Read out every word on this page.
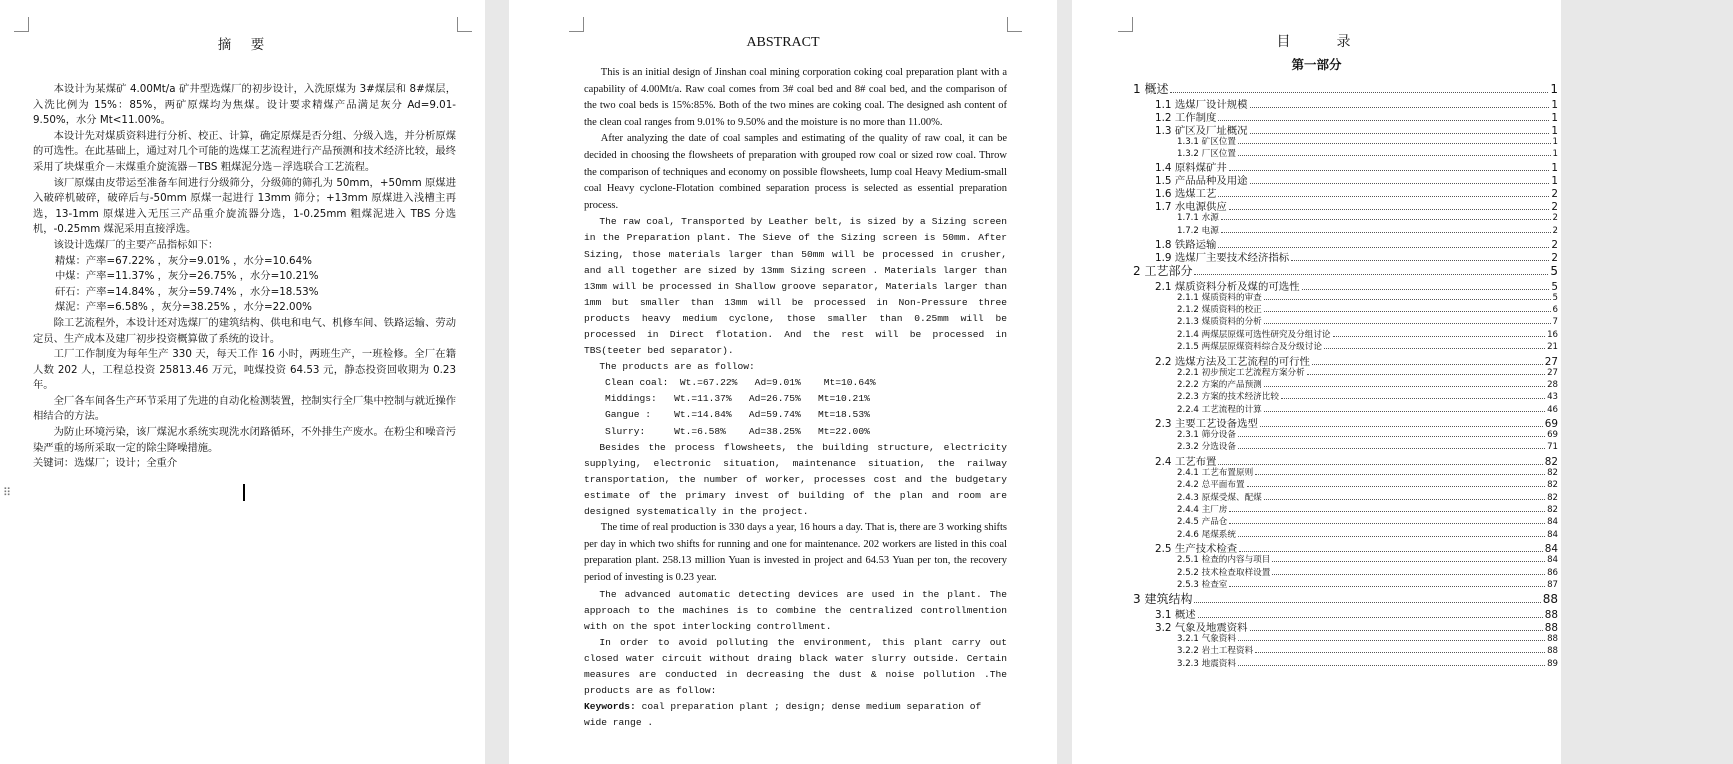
摘　要

本设计为某煤矿 4.00Mt/a 矿井型选煤厂的初步设计，入洗原煤为 3#煤层和 8#煤层，入洗比例为 15%：85%，两矿原煤均为焦煤。设计要求精煤产品满足灰分 Ad=9.01-9.50%，水分 Mt<11.00%。

本设计先对煤质资料进行分析、校正、计算，确定原煤是否分组、分级入选，并分析原煤的可选性。在此基础上，通过对几个可能的选煤工艺流程进行产品预测和技术经济比较，最终采用了块煤重介－末煤重介旋流器－TBS 粗煤泥分选－浮选联合工艺流程。

该厂原煤由皮带运至准备车间进行分级筛分，分级筛的筛孔为 50mm，+50mm 原煤进入破碎机破碎，破碎后与-50mm 原煤一起进行 13mm 筛分；+13mm 原煤进入浅槽主再选，13-1mm 原煤进入无压三产品重介旋流器分选，1-0.25mm 粗煤泥进入 TBS 分选机，-0.25mm 煤泥采用直接浮选。

该设计选煤厂的主要产品指标如下：

精煤：产率=67.22% ，灰分=9.01% ，水分=10.64%

中煤：产率=11.37% ，灰分=26.75% ，水分=10.21%

矸石：产率=14.84% ，灰分=59.74% ，水分=18.53%

煤泥：产率=6.58% ，灰分=38.25% ，水分=22.00%

除工艺流程外，本设计还对选煤厂的建筑结构、供电和电气、机修车间、铁路运输、劳动定员、生产成本及建厂初步投资概算做了系统的设计。

工厂工作制度为每年生产 330 天，每天工作 16 小时，两班生产，一班检修。全厂在籍人数 202 人，工程总投资 25813.46 万元，吨煤投资 64.53 元，静态投资回收期为 0.23 年。

全厂各车间各生产环节采用了先进的自动化检测装置，控制实行全厂集中控制与就近操作相结合的方法。

为防止环境污染，该厂煤泥水系统实现洗水闭路循环，不外排生产废水。在粉尘和噪音污染严重的场所采取一定的除尘降噪措施。

关键词：选煤厂；设计；全重介

⠿
ABSTRACT

This is an initial design of Jinshan coal mining corporation coking coal preparation plant with a capability of 4.00Mt/a. Raw coal comes from 3# coal bed and 8# coal bed, and the comparison of the two coal beds is 15%:85%. Both of the two mines are coking coal. The designed ash content of the clean coal ranges from 9.01% to 9.50% and the moisture is no more than 11.00%.

After analyzing the date of coal samples and estimating of the quality of raw coal, it can be decided in choosing the flowsheets of preparation with grouped row coal or sized row coal. Throw the comparison of techniques and economy on possible flowsheets, lump coal Heavy Medium-small coal Heavy cyclone-Flotation combined separation process is selected as essential preparation process.

The raw coal, Transported by Leather belt, is sized by a Sizing screen in the Preparation plant. The Sieve of the Sizing screen is 50mm. After Sizing, those materials larger than 50mm will be processed in crusher, and all together are sized by 13mm Sizing screen . Materials larger than 13mm will be processed in Shallow groove separator, Materials larger than 1mm but smaller than 13mm will be processed in Non-Pressure three products heavy medium cyclone, those smaller than 0.25mm will be processed in Direct flotation. And the rest will be processed in TBS(teeter bed separator).

The products are as follow:

Clean coal:  Wt.=67.22%   Ad=9.01%    Mt=10.64%

Middings:   Wt.=11.37%   Ad=26.75%   Mt=10.21%

Gangue :    Wt.=14.84%   Ad=59.74%   Mt=18.53%

Slurry:     Wt.=6.58%    Ad=38.25%   Mt=22.00%

Besides the process flowsheets, the building structure, electricity supplying, electronic situation, maintenance situation, the railway transportation, the number of worker, processes cost and the budgetary estimate of the primary invest of building of the plan and room are designed systematically in the project.

The time of real production is 330 days a year, 16 hours a day. That is, there are 3 working shifts per day in which two shifts for running and one for maintenance. 202 workers are listed in this coal preparation plant. 258.13 million Yuan is invested in project and 64.53 Yuan per ton, the recovery period of investing is 0.23 year.

The advanced automatic detecting devices are used in the plant. The approach to the machines is to combine the centralized controllmention with on the spot interlocking controllment.

In order to avoid polluting the environment, this plant carry out closed water circuit without draing black water slurry outside. Certain measures are conducted in decreasing the dust & noise pollution .The products are as follow:

Keywords: coal preparation plant ; design; dense medium separation of wide range .

目　　录
第一部分
1 概述	1
1.1 选煤厂设计规模	1
1.2 工作制度	1
1.3 矿区及厂址概况	1
1.3.1 矿区位置	1
1.3.2 厂区位置	1
1.4 原料煤矿井	1
1.5 产品品种及用途	1
1.6 选煤工艺	2
1.7 水电源供应	2
1.7.1 水源	2
1.7.2 电源	2
1.8 铁路运输	2
1.9 选煤厂主要技术经济指标	2
2 工艺部分	5
2.1 煤质资料分析及煤的可选性	5
2.1.1 煤质资料的审查	5
2.1.2 煤质资料的校正	6
2.1.3 煤质资料的分析	7
2.1.4 两煤层原煤可选性研究及分组讨论	16
2.1.5 两煤层原煤资料综合及分级讨论	21
2.2 选煤方法及工艺流程的可行性	27
2.2.1 初步预定工艺流程方案分析	27
2.2.2 方案的产品预测	28
2.2.3 方案的技术经济比较	43
2.2.4 工艺流程的计算	46
2.3 主要工艺设备选型	69
2.3.1 筛分设备	69
2.3.2 分选设备	71
2.4 工艺布置	82
2.4.1 工艺布置原则	82
2.4.2 总平面布置	82
2.4.3 原煤受煤、配煤	82
2.4.4 主厂房	82
2.4.5 产品仓	84
2.4.6 尾煤系统	84
2.5 生产技术检查	84
2.5.1 检查的内容与项目	84
2.5.2 技术检查取样设置	86
2.5.3 检查室	87
3 建筑结构	88
3.1 概述	88
3.2 气象及地震资料	88
3.2.1 气象资料	88
3.2.2 岩土工程资料	88
3.2.3 地震资料	89
